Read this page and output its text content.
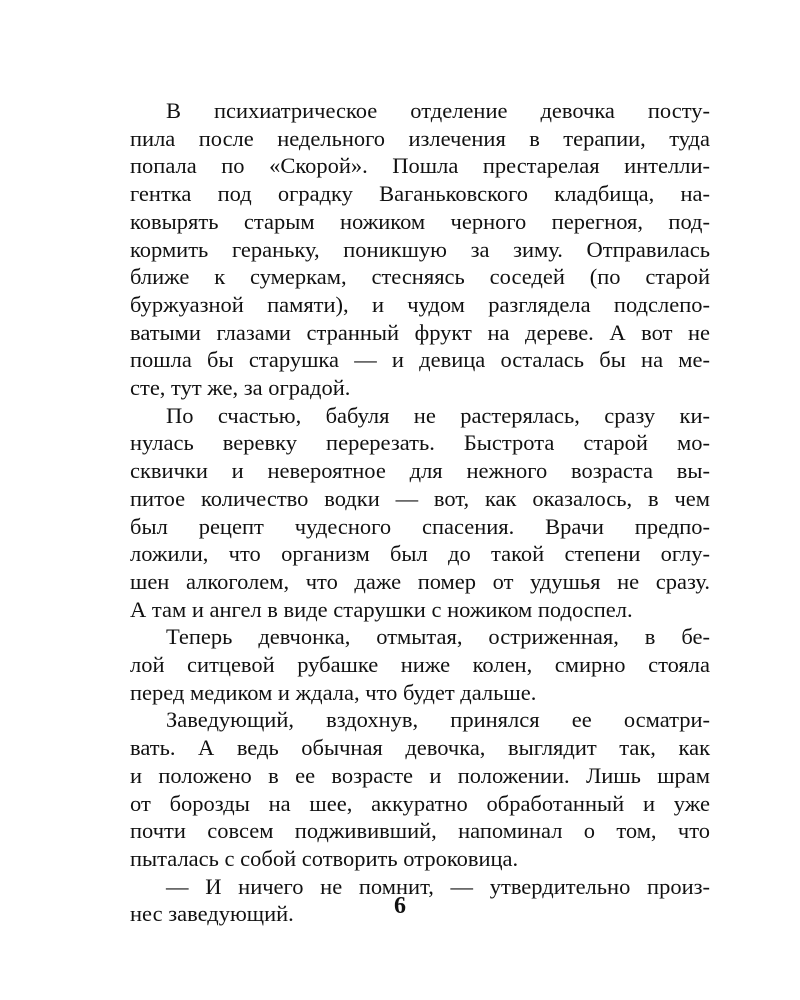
В психиатрическое отделение девочка посту-
пила после недельного излечения в терапии, туда
попала по «Скорой». Пошла престарелая интелли-
гентка под оградку Ваганьковского кладбища, на-
ковырять старым ножиком черного перегноя, под-
кормить гераньку, поникшую за зиму. Отправилась
ближе к сумеркам, стесняясь соседей (по старой
буржуазной памяти), и чудом разглядела подслепо-
ватыми глазами странный фрукт на дереве. А вот не
пошла бы старушка — и девица осталась бы на ме-
сте, тут же, за оградой.
По счастью, бабуля не растерялась, сразу ки-
нулась веревку перерезать. Быстрота старой мо-
сквички и невероятное для нежного возраста вы-
питое количество водки — вот, как оказалось, в чем
был рецепт чудесного спасения. Врачи предпо-
ложили, что организм был до такой степени оглу-
шен алкоголем, что даже помер от удушья не сразу.
А там и ангел в виде старушки с ножиком подоспел.
Теперь девчонка, отмытая, остриженная, в бе-
лой ситцевой рубашке ниже колен, смирно стояла
перед медиком и ждала, что будет дальше.
Заведующий, вздохнув, принялся ее осматри-
вать. А ведь обычная девочка, выглядит так, как
и положено в ее возрасте и положении. Лишь шрам
от борозды на шее, аккуратно обработанный и уже
почти совсем поджививший, напоминал о том, что
пыталась с собой сотворить отроковица.
— И ничего не помнит, — утвердительно произ-
нес заведующий.	6
